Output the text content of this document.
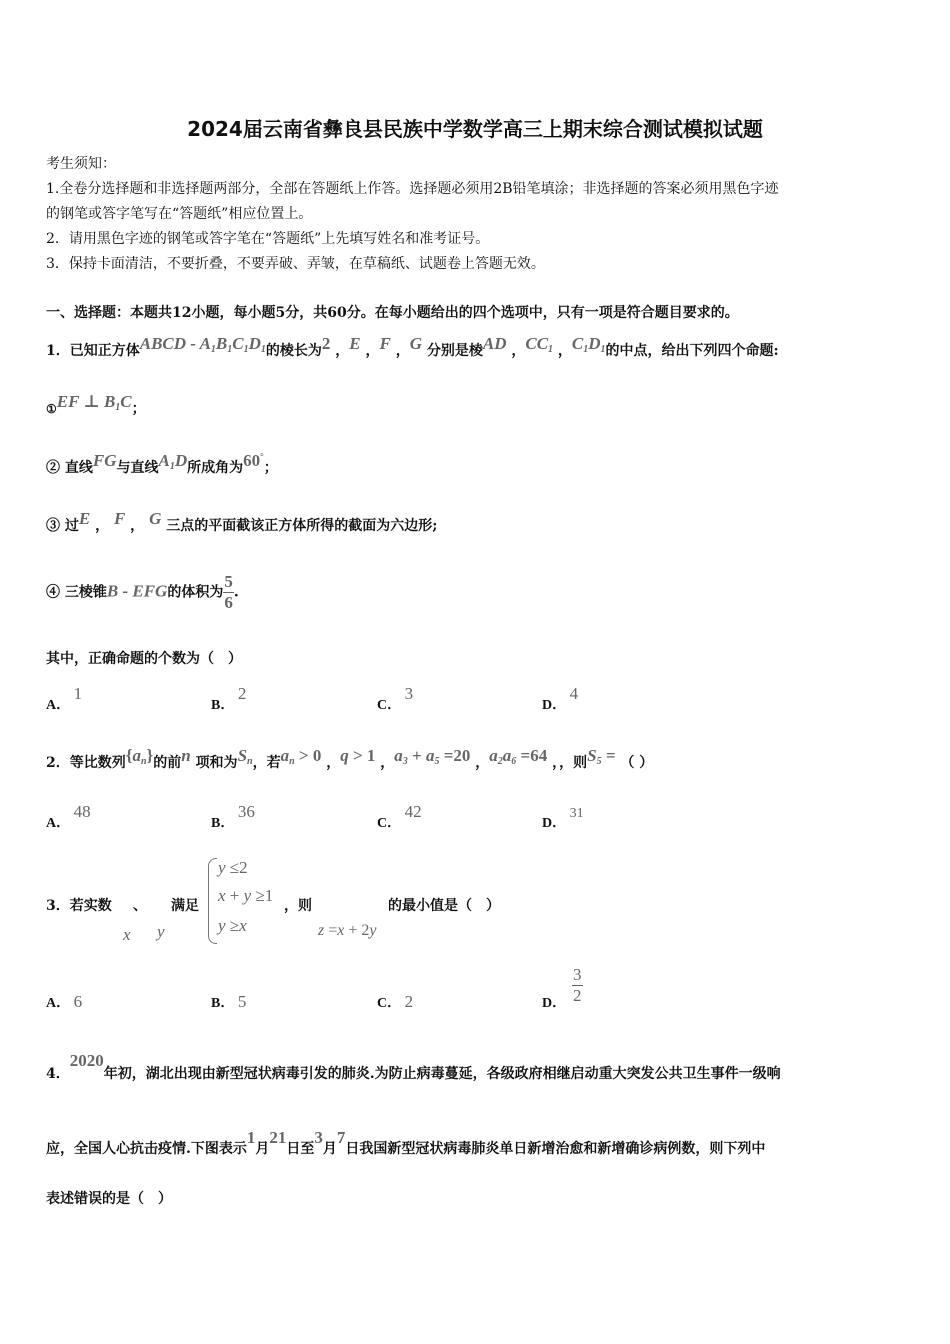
2024届云南省彝良县民族中学数学高三上期末综合测试模拟试题
考生须知：
1.全卷分选择题和非选择题两部分，全部在答题纸上作答。选择题必须用2B铅笔填涂；非选择题的答案必须用黑色字迹
的钢笔或答字笔写在“答题纸”相应位置上。
2．请用黑色字迹的钢笔或答字笔在“答题纸”上先填写姓名和准考证号。
3．保持卡面清洁，不要折叠，不要弄破、弄皱，在草稿纸、试题卷上答题无效。
一、选择题：本题共12小题，每小题5分，共60分。在每小题给出的四个选项中，只有一项是符合题目要求的。
1．已知正方体ABCD - $A_1B_1C_1D_1$的棱长为2 ，E ，F ，G 分别是棱AD ，$CC_1$ ，$C_1D_1$的中点，给出下列四个命题:
①EF ⊥ $B_1C$；
② 直线FG与直线$A_1D$所成角为60°；
③ 过E ， F ， G 三点的平面截该正方体所得的截面为六边形;
④ 三棱锥B - EFG的体积为 $\frac{5}{6}$ .
其中，正确命题的个数为（　）
A． 1
B． 2
C． 3
D． 4
2．等比数列$\{a_n\}$的前n 项和为$S_n$，若$a_n > 0$ ，q > 1 ，$a_3 + a_5 =20$ ，$a_2a_6 =64$ ，，则$S_5$ = （ ）
A． 48
B． 36
C． 42
D． 31
3．若实数
x
、
y
满足
y ≤2
x + y ≥1
y ≥x
，则
z =x + 2y
的最小值是（　）
A． 6	B． 5	C． 2	D． $\frac{3}{2}$
4．2020年初，湖北出现由新型冠状病毒引发的肺炎.为防止病毒蔓延，各级政府相继启动重大突发公共卫生事件一级响
应，全国人心抗击疫情.下图表示1月21日至3月7日我国新型冠状病毒肺炎单日新增治愈和新增确诊病例数，则下列中
表述错误的是（　）
